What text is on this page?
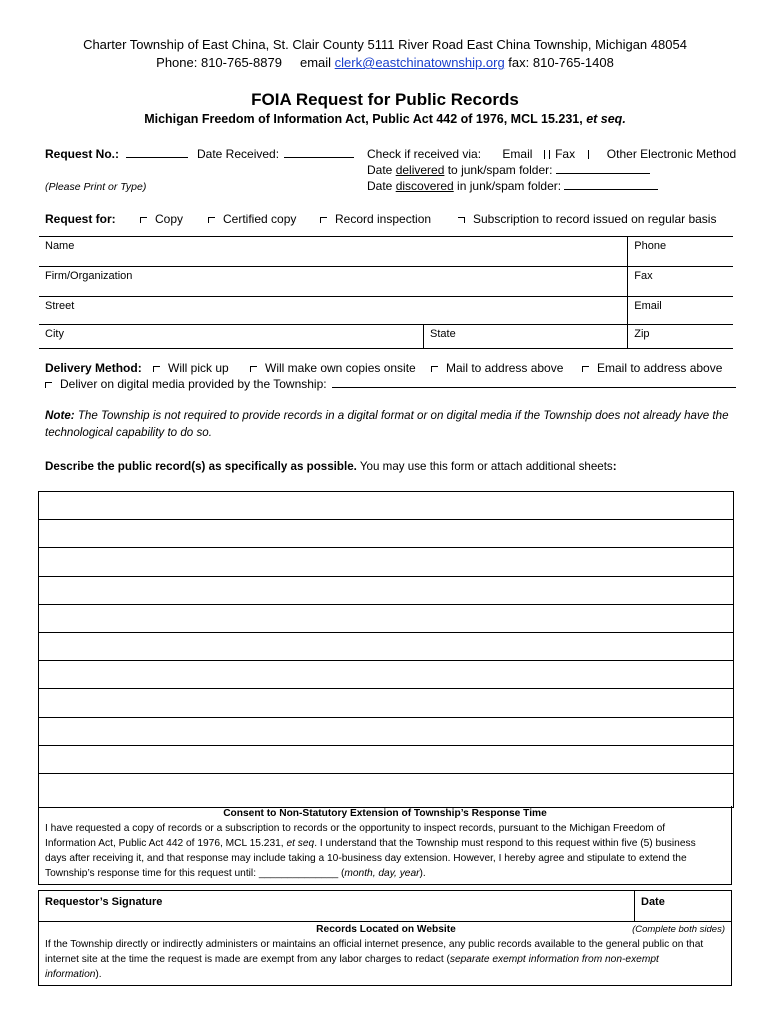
Charter Township of East China, St. Clair County 5111 River Road East China Township, Michigan 48054
Phone: 810-765-8879     email clerk@eastchinatownship.org fax: 810-765-1408
FOIA Request for Public Records
Michigan Freedom of Information Act, Public Act 442 of 1976, MCL 15.231, et seq.
Request No.:	Date Received:	Check if received via: Email Fax	Other Electronic Method
Date delivered to junk/spam folder:
Date discovered in junk/spam folder:
(Please Print or Type)
Request for:	Copy	Certified copy	Record inspection	Subscription to record issued on regular basis
Name		Phone
Firm/Organization		Fax
Street		Email
City	State	Zip
Delivery Method:	Will pick up	Will make own copies onsite	Mail to address above	Email to address above
Deliver on digital media provided by the Township:
Note: The Township is not required to provide records in a digital format or on digital media if the Township does not already have the
technological capability to do so.
Describe the public record(s) as specifically as possible. You may use this form or attach additional sheets:
Consent to Non-Statutory Extension of Township’s Response Time
I have requested a copy of records or a subscription to records or the opportunity to inspect records, pursuant to the Michigan Freedom of
Information Act, Public Act 442 of 1976, MCL 15.231, et seq. I understand that the Township must respond to this request within five (5) business
days after receiving it, and that response may include taking a 10-business day extension. However, I hereby agree and stipulate to extend the
Township’s response time for this request until: ______________ (month, day, year).
Requestor’s Signature	Date
Records Located on Website	(Complete both sides)
If the Township directly or indirectly administers or maintains an official internet presence, any public records available to the general public on that
internet site at the time the request is made are exempt from any labor charges to redact (separate exempt information from non-exempt
information).
